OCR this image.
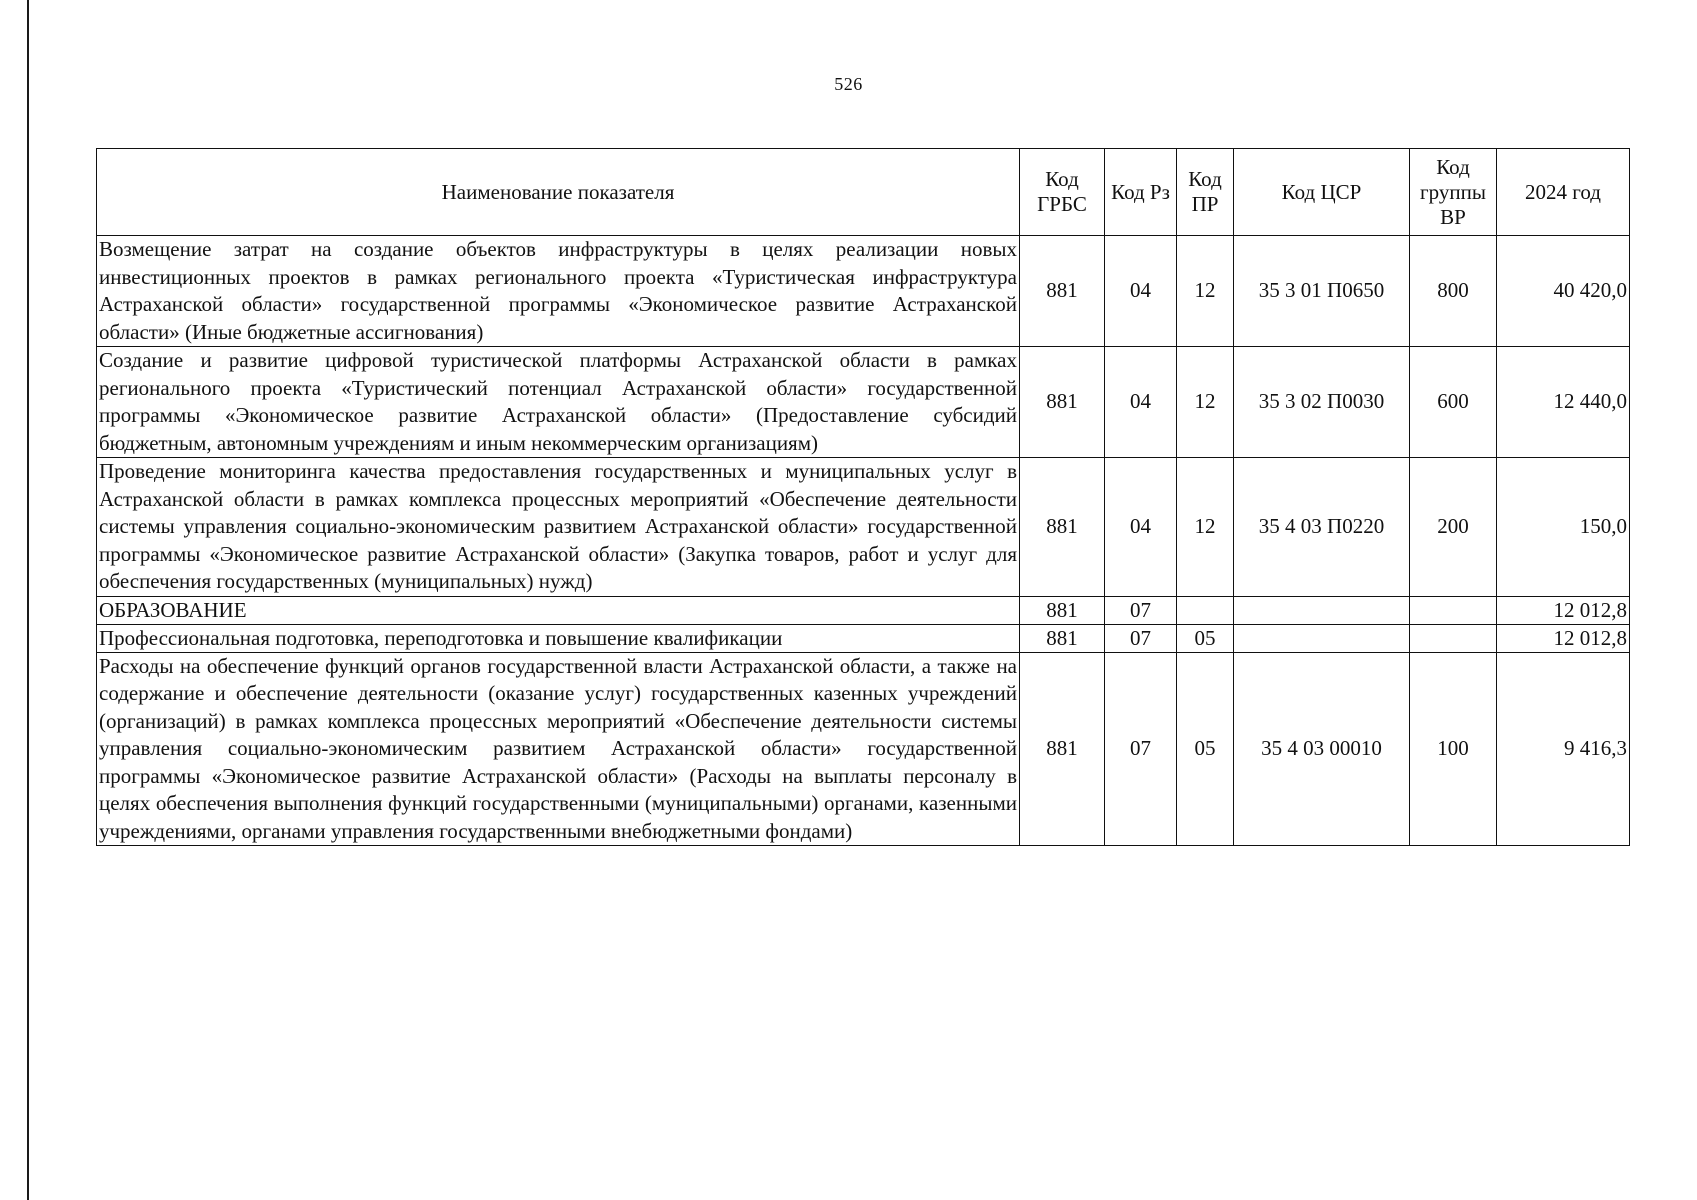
526
Наименование показателя	Код ГРБС	Код Рз	Код ПР	Код ЦСР	Код группы ВР	2024 год
Возмещение затрат на создание объектов инфраструктуры в целях реализации новых инвестиционных проектов в рамках регионального проекта «Туристическая инфраструктура Астраханской области» государственной программы «Экономическое развитие Астраханской области» (Иные бюджетные ассигнования)	881	04	12	35 3 01 П0650	800	40 420,0
Создание и развитие цифровой туристической платформы Астраханской области в рамках регионального проекта «Туристический потенциал Астраханской области» государственной программы «Экономическое развитие Астраханской области» (Предоставление субсидий бюджетным, автономным учреждениям и иным некоммерческим организациям)	881	04	12	35 3 02 П0030	600	12 440,0
Проведение мониторинга качества предоставления государственных и муниципальных услуг в Астраханской области в рамках комплекса процессных мероприятий «Обеспечение деятельности системы управления социально-экономическим развитием Астраханской области» государственной программы «Экономическое развитие Астраханской области» (Закупка товаров, работ и услуг для обеспечения государственных (муниципальных) нужд)	881	04	12	35 4 03 П0220	200	150,0
ОБРАЗОВАНИЕ	881	07				12 012,8
Профессиональная подготовка, переподготовка и повышение квалификации	881	07	05			12 012,8
Расходы на обеспечение функций органов государственной власти Астраханской области, а также на содержание и обеспечение деятельности (оказание услуг) государственных казенных учреждений (организаций) в рамках комплекса процессных мероприятий «Обеспечение деятельности системы управления социально-экономическим развитием Астраханской области» государственной программы «Экономическое развитие Астраханской области» (Расходы на выплаты персоналу в целях обеспечения выполнения функций государственными (муниципальными) органами, казенными учреждениями, органами управления государственными внебюджетными фондами)	881	07	05	35 4 03 00010	100	9 416,3
